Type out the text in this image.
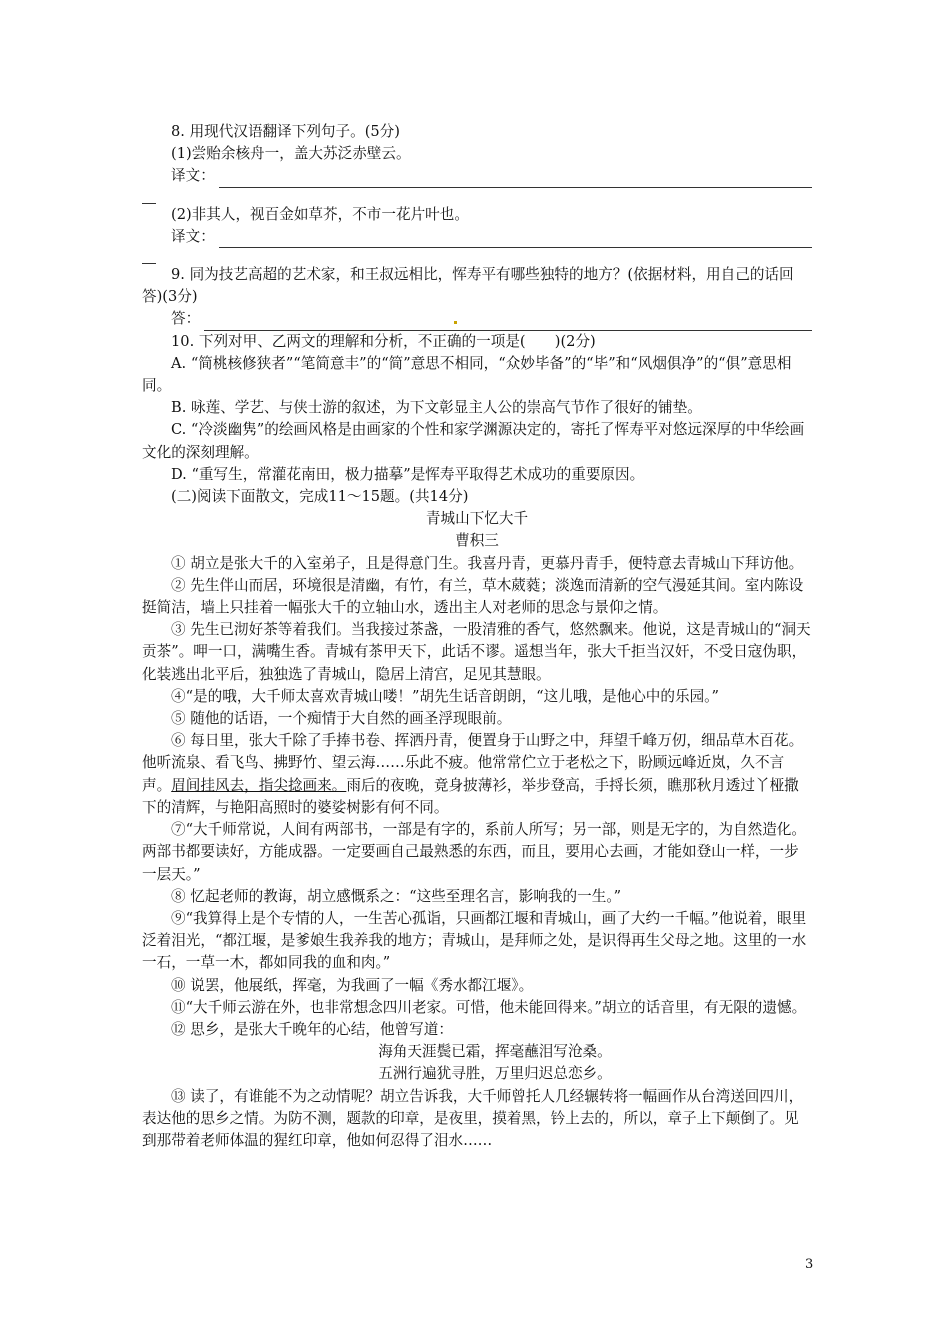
8. 用现代汉语翻译下列句子。(5分)

(1)尝贻余核舟一，盖大苏泛赤壁云。

译文：

(2)非其人，视百金如草芥，不市一花片叶也。

译文：

9. 同为技艺高超的艺术家，和王叔远相比，恽寿平有哪些独特的地方？(依据材料，用自己的话回答)(3分)

答：

10. 下列对甲、乙两文的理解和分析，不正确的一项是(　　)(2分)

A. “简桃核修狭者”“笔简意丰”的“简”意思不相同，“众妙毕备”的“毕”和“风烟俱净”的“俱”意思相同。

B. 咏莲、学艺、与侠士游的叙述，为下文彰显主人公的崇高气节作了很好的铺垫。

C. “冷淡幽隽”的绘画风格是由画家的个性和家学渊源决定的，寄托了恽寿平对悠远深厚的中华绘画文化的深刻理解。

D. “重写生，常灌花南田，极力描摹”是恽寿平取得艺术成功的重要原因。

(二)阅读下面散文，完成11～15题。(共14分)

青城山下忆大千

曹积三

① 胡立是张大千的入室弟子，且是得意门生。我喜丹青，更慕丹青手，便特意去青城山下拜访他。

② 先生伴山而居，环境很是清幽，有竹，有兰，草木葳蕤；淡逸而清新的空气漫延其间。室内陈设挺简洁，墙上只挂着一幅张大千的立轴山水，透出主人对老师的思念与景仰之情。

③ 先生已沏好茶等着我们。当我接过茶盏，一股清雅的香气，悠然飘来。他说，这是青城山的“洞天贡茶”。呷一口，满嘴生香。青城有茶甲天下，此话不谬。遥想当年，张大千拒当汉奸，不受日寇伪职，化装逃出北平后，独独选了青城山，隐居上清宫，足见其慧眼。

④“是的哦，大千师太喜欢青城山喽！”胡先生话音朗朗，“这儿哦，是他心中的乐园。”

⑤ 随他的话语，一个痴情于大自然的画圣浮现眼前。

⑥ 每日里，张大千除了手捧书卷、挥洒丹青，便置身于山野之中，拜望千峰万仞，细品草木百花。他听流泉、看飞鸟、拂野竹、望云海……乐此不疲。他常常伫立于老松之下，盼顾远峰近岚，久不言声。眉间挂风去，指尖捻画来。雨后的夜晚，竟身披薄衫，举步登高，手捋长须，瞧那秋月透过丫桠撒下的清辉，与艳阳高照时的婆娑树影有何不同。

⑦“大千师常说，人间有两部书，一部是有字的，系前人所写；另一部，则是无字的，为自然造化。两部书都要读好，方能成器。一定要画自己最熟悉的东西，而且，要用心去画，才能如登山一样，一步一层天。”

⑧ 忆起老师的教诲，胡立感慨系之：“这些至理名言，影响我的一生。”

⑨“我算得上是个专情的人，一生苦心孤诣，只画都江堰和青城山，画了大约一千幅。”他说着，眼里泛着泪光，“都江堰，是爹娘生我养我的地方；青城山，是拜师之处，是识得再生父母之地。这里的一水一石，一草一木，都如同我的血和肉。”

⑩ 说罢，他展纸，挥毫，为我画了一幅《秀水都江堰》。

⑪“大千师云游在外，也非常想念四川老家。可惜，他未能回得来。”胡立的话音里，有无限的遗憾。

⑫ 思乡，是张大千晚年的心结，他曾写道：

海角天涯鬓已霜，挥毫蘸泪写沧桑。

五洲行遍犹寻胜，万里归迟总恋乡。

⑬ 读了，有谁能不为之动情呢？胡立告诉我，大千师曾托人几经辗转将一幅画作从台湾送回四川，表达他的思乡之情。为防不测，题款的印章，是夜里，摸着黑，钤上去的，所以，章子上下颠倒了。见到那带着老师体温的猩红印章，他如何忍得了泪水……

3
